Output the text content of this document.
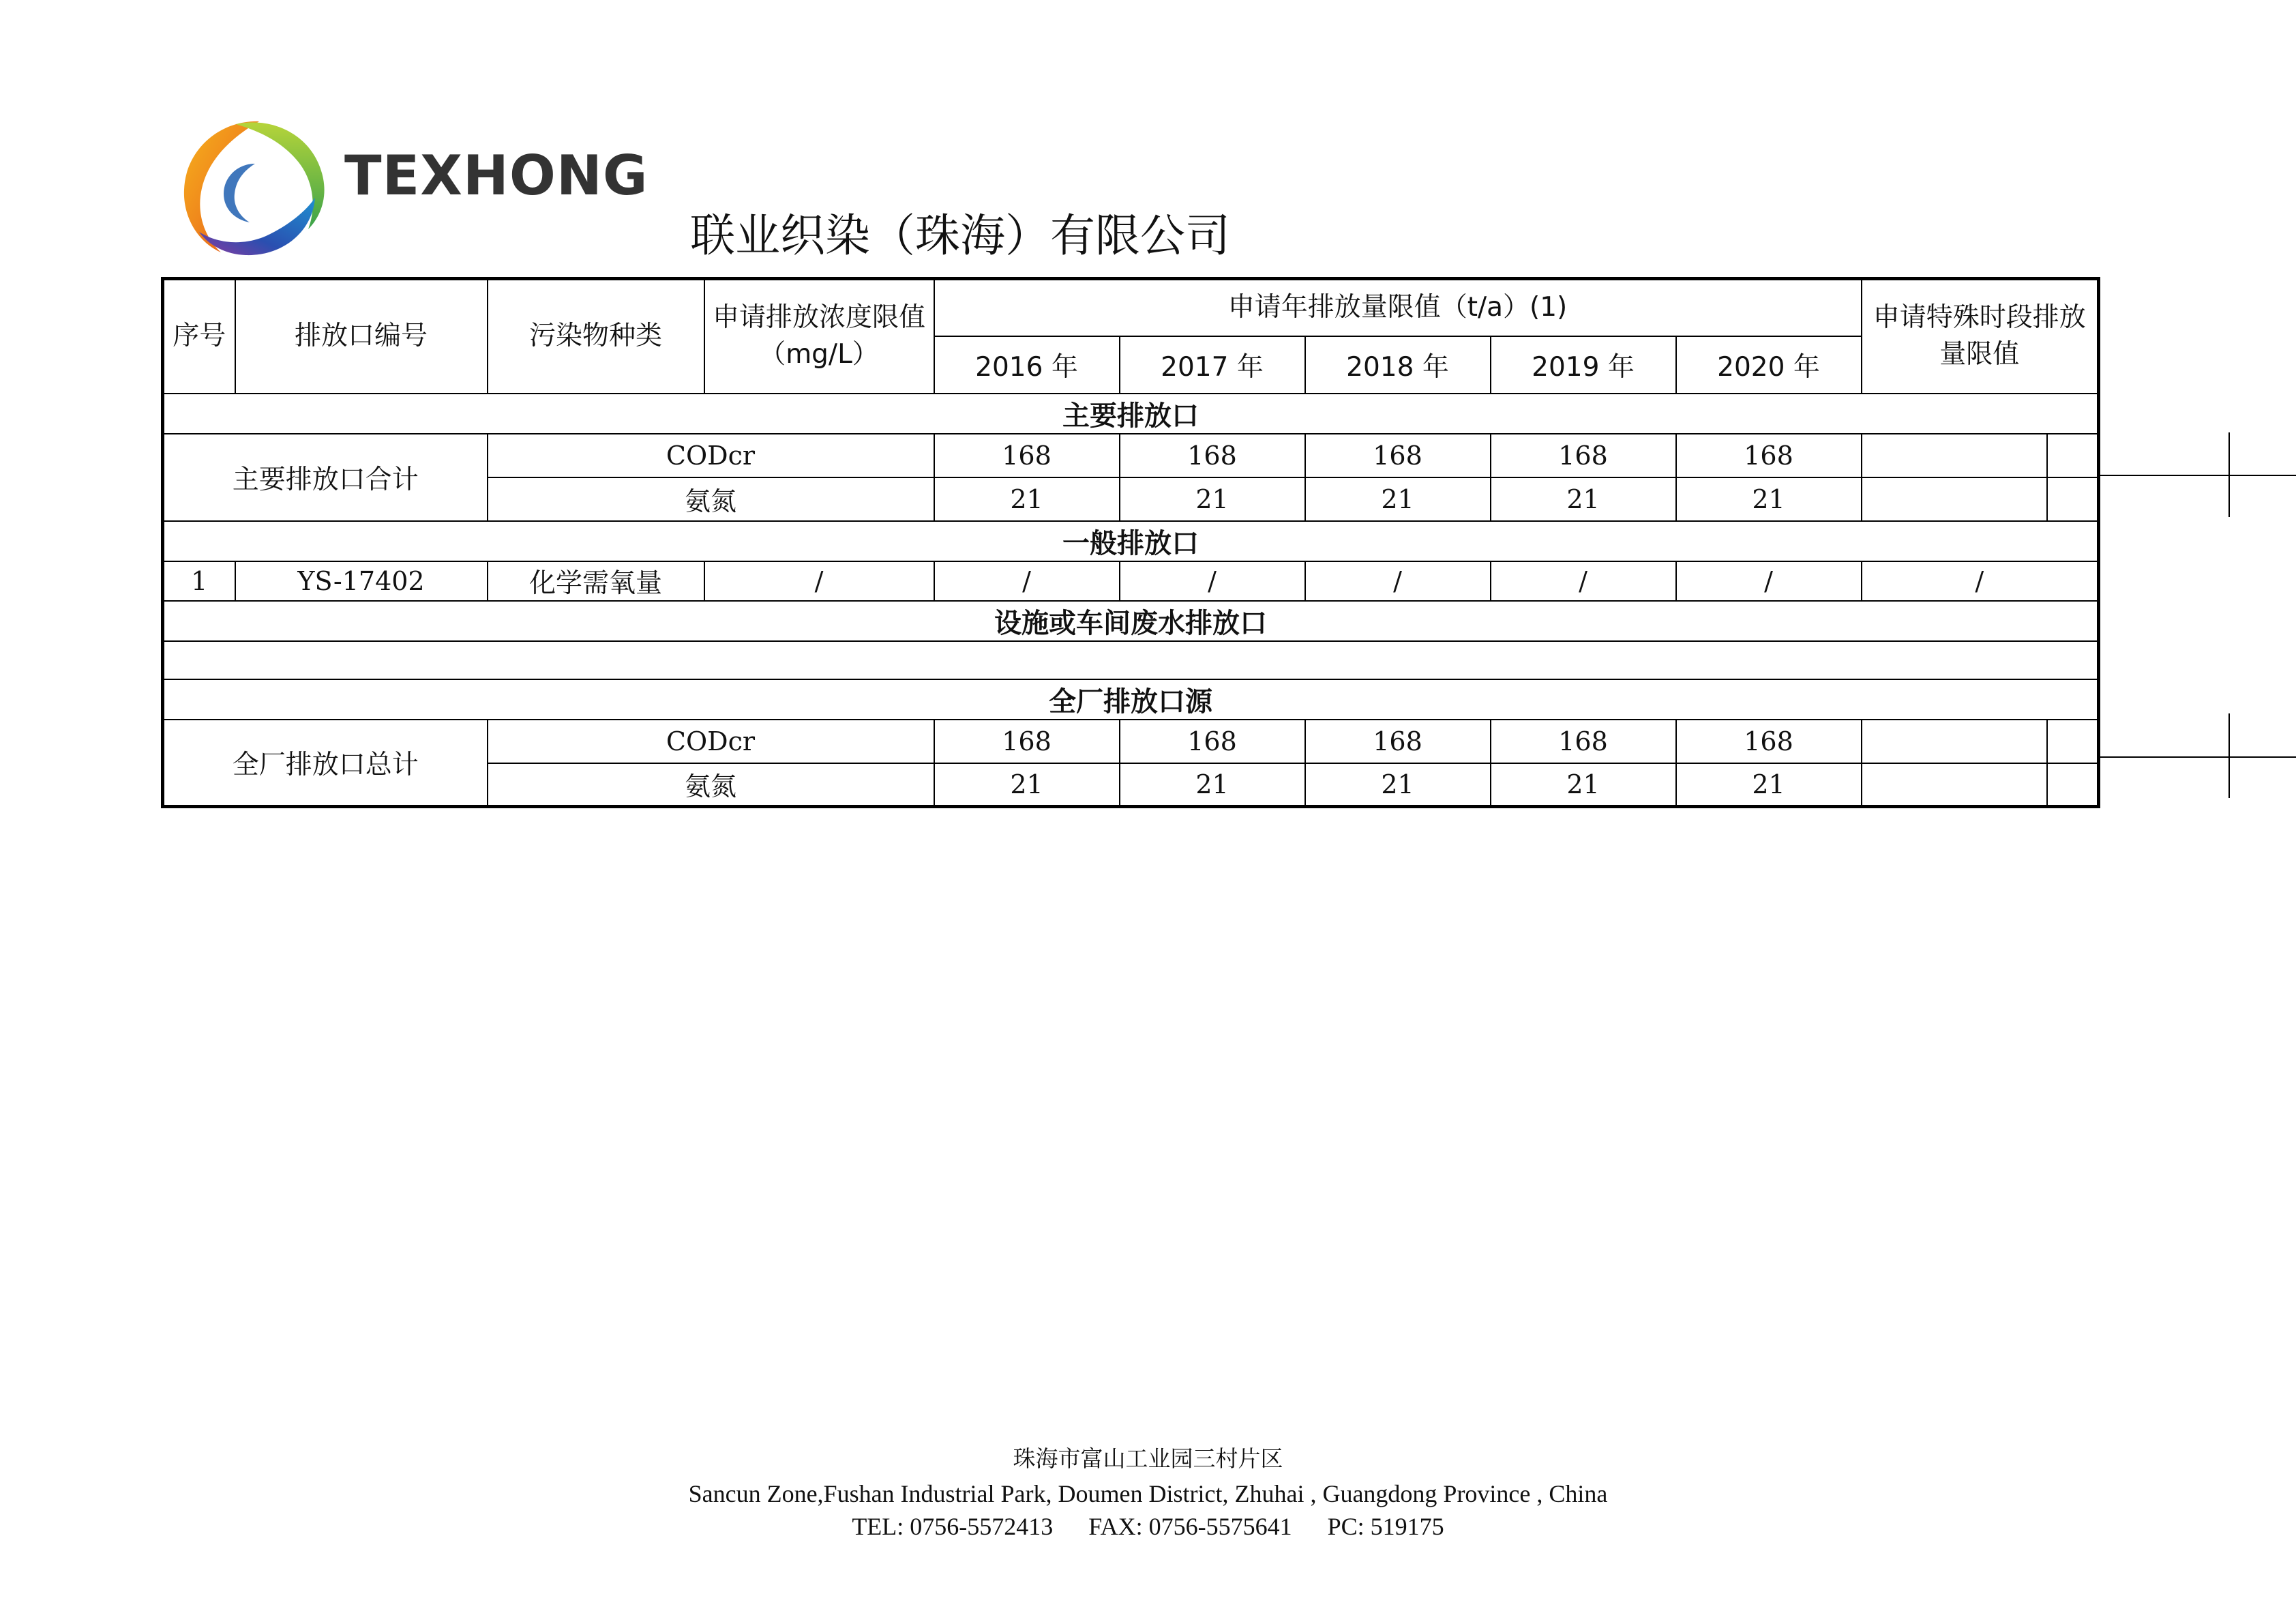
TEXHONG
联业织染（珠海）有限公司
序号	排放口编号	污染物种类	申请排放浓度限值（mg/L）	申请年排放量限值（t/a）(1)					申请特殊时段排放量限值	
				2016 年	2017 年	2018 年	2019 年	2020 年		
主要排放口										
主要排放口合计		CODcr		168	168	168	168	168		
		氨氮		21	21	21	21	21		
一般排放口										
1	YS-17402	化学需氧量	/	/	/	/	/	/	/	
设施或车间废水排放口										

全厂排放口源										
全厂排放口总计		CODcr		168	168	168	168	168		
		氨氮		21	21	21	21	21		
珠海市富山工业园三村片区
Sancun Zone,Fushan Industrial Park, Doumen District, Zhuhai , Guangdong Province , China
TEL: 0756-5572413 FAX: 0756-5575641 PC: 519175
